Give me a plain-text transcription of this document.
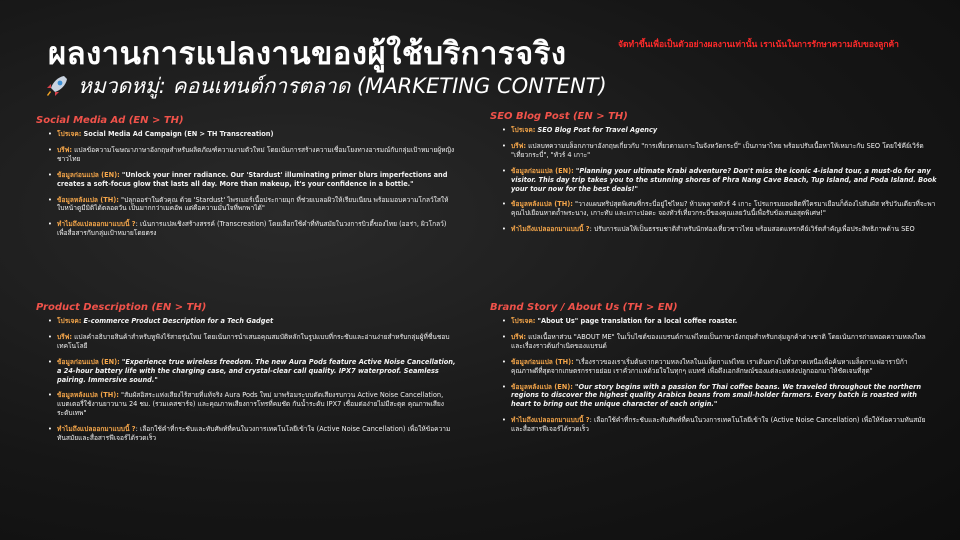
ผลงานการแปลงานของผู้ใช้บริการจริง
หมวดหมู่: คอนเทนต์การตลาด (MARKETING CONTENT)
จัดทำขึ้นเพื่อเป็นตัวอย่างผลงานเท่านั้น เราเน้นในการรักษาความลับของลูกค้า
Social Media Ad (EN > TH)
• โปรเจค: Social Media Ad Campaign (EN > TH Transcreation)
• บรีฟ: แปลข้อความโฆษณาภาษาอังกฤษสำหรับผลิตภัณฑ์ความงามตัวใหม่ โดยเน้นการสร้างความเชื่อมโยงทางอารมณ์กับกลุ่มเป้าหมายผู้หญิงชาวไทย
• ข้อมูลก่อนแปล (EN): "Unlock your inner radiance. Our 'Stardust' illuminating primer blurs imperfections and creates a soft-focus glow that lasts all day. More than makeup, it's your confidence in a bottle."
• ข้อมูลหลังแปล (TH): "ปลุกออร่าในตัวคุณ ด้วย 'Stardust' ไพรเมอร์เนื้อประกายมุก ที่ช่วยเบลอผิวให้เรียบเนียน พร้อมมอบความโกลว์ใสให้ใบหน้าดูมีมิติได้ตลอดวัน เป็นมากกว่าเมคอัพ แต่คือความมั่นใจที่พกพาได้"
• ทำไมถึงแปลออกมาแบบนี้ ?: เน้นการแปลเชิงสร้างสรรค์ (Transcreation) โดยเลือกใช้คำที่ทันสมัยในวงการบิวตี้ของไทย (ออร่า, ผิวโกลว์) เพื่อสื่อสารกับกลุ่มเป้าหมายโดยตรง
SEO Blog Post (EN > TH)
• โปรเจค: SEO Blog Post for Travel Agency
• บรีฟ: แปลบทความบล็อกภาษาอังกฤษเกี่ยวกับ "การเที่ยวตามเกาะในจังหวัดกระบี่" เป็นภาษาไทย พร้อมปรับเนื้อหาให้เหมาะกับ SEO โดยใช้คีย์เวิร์ด "เที่ยวกระบี่", "ทัวร์ 4 เกาะ"
• ข้อมูลก่อนแปล (EN): "Planning your ultimate Krabi adventure? Don't miss the iconic 4-island tour, a must-do for any visitor. This day trip takes you to the stunning shores of Phra Nang Cave Beach, Tup Island, and Poda Island. Book your tour now for the best deals!"
• ข้อมูลหลังแปล (TH): "วางแผนทริปสุดพิเศษที่กระบี่อยู่ใช่ไหม? ห้ามพลาดทัวร์ 4 เกาะ โปรแกรมยอดฮิตที่ใครมาเยือนก็ต้องไปสัมผัส ทริปวันเดียวที่จะพาคุณไปเยือนหาดถ้ำพระนาง, เกาะทับ และเกาะปอดะ จองทัวร์เที่ยวกระบี่ของคุณเลยวันนี้เพื่อรับข้อเสนอสุดพิเศษ!"
• ทำไมถึงแปลออกมาแบบนี้ ?: ปรับการแปลให้เป็นธรรมชาติสำหรับนักท่องเที่ยวชาวไทย พร้อมสอดแทรกคีย์เวิร์ดสำคัญเพื่อประสิทธิภาพด้าน SEO
Product Description (EN > TH)
• โปรเจค: E-commerce Product Description for a Tech Gadget
• บรีฟ: แปลคำอธิบายสินค้าสำหรับหูฟังไร้สายรุ่นใหม่ โดยเน้นการนำเสนอคุณสมบัติหลักในรูปแบบที่กระชับและอ่านง่ายสำหรับกลุ่มผู้ที่ชื่นชอบเทคโนโลยี
• ข้อมูลก่อนแปล (EN): "Experience true wireless freedom. The new Aura Pods feature Active Noise Cancellation, a 24-hour battery life with the charging case, and crystal-clear call quality. IPX7 waterproof. Seamless pairing. Immersive sound."
• ข้อมูลหลังแปล (TH): "สัมผัสอิสระแห่งเสียงไร้สายที่แท้จริง Aura Pods ใหม่ มาพร้อมระบบตัดเสียงรบกวน Active Noise Cancellation, แบตเตอรี่ใช้งานยาวนาน 24 ชม. (รวมเคสชาร์จ) และคุณภาพเสียงการโทรที่คมชัด กันน้ำระดับ IPX7 เชื่อมต่อง่ายไม่มีสะดุด คุณภาพเสียงระดับเทพ"
• ทำไมถึงแปลออกมาแบบนี้ ?: เลือกใช้คำที่กระชับและทับศัพท์ที่คนในวงการเทคโนโลยีเข้าใจ (Active Noise Cancellation) เพื่อให้ข้อความทันสมัยและสื่อสารฟีเจอร์ได้รวดเร็ว
Brand Story / About Us (TH > EN)
• โปรเจค: "About Us" page translation for a local coffee roaster.
• บรีฟ: แปลเนื้อหาส่วน "ABOUT ME" ในเว็บไซต์ของแบรนด์กาแฟไทยเป็นภาษาอังกฤษสำหรับกลุ่มลูกค้าต่างชาติ โดยเน้นการถ่ายทอดความหลงใหลและเรื่องราวต้นกำเนิดของแบรนด์
• ข้อมูลก่อนแปล (TH): "เรื่องราวของเราเริ่มต้นจากความหลงใหลในเมล็ดกาแฟไทย เราเดินทางไปทั่วภาคเหนือเพื่อค้นหาเมล็ดกาแฟอาราบิก้าคุณภาพดีที่สุดจากเกษตรกรรายย่อย เราคั่วกาแฟด้วยใจในทุกๆ แบทช์ เพื่อดึงเอกลักษณ์ของแต่ละแหล่งปลูกออกมาให้ชัดเจนที่สุด"
• ข้อมูลหลังแปล (EN): "Our story begins with a passion for Thai coffee beans. We traveled throughout the northern regions to discover the highest quality Arabica beans from small-holder farmers. Every batch is roasted with heart to bring out the unique character of each origin."
• ทำไมถึงแปลออกมาแบบนี้ ?: เลือกใช้คำที่กระชับและทับศัพท์ที่คนในวงการเทคโนโลยีเข้าใจ (Active Noise Cancellation) เพื่อให้ข้อความทันสมัยและสื่อสารฟีเจอร์ได้รวดเร็ว
